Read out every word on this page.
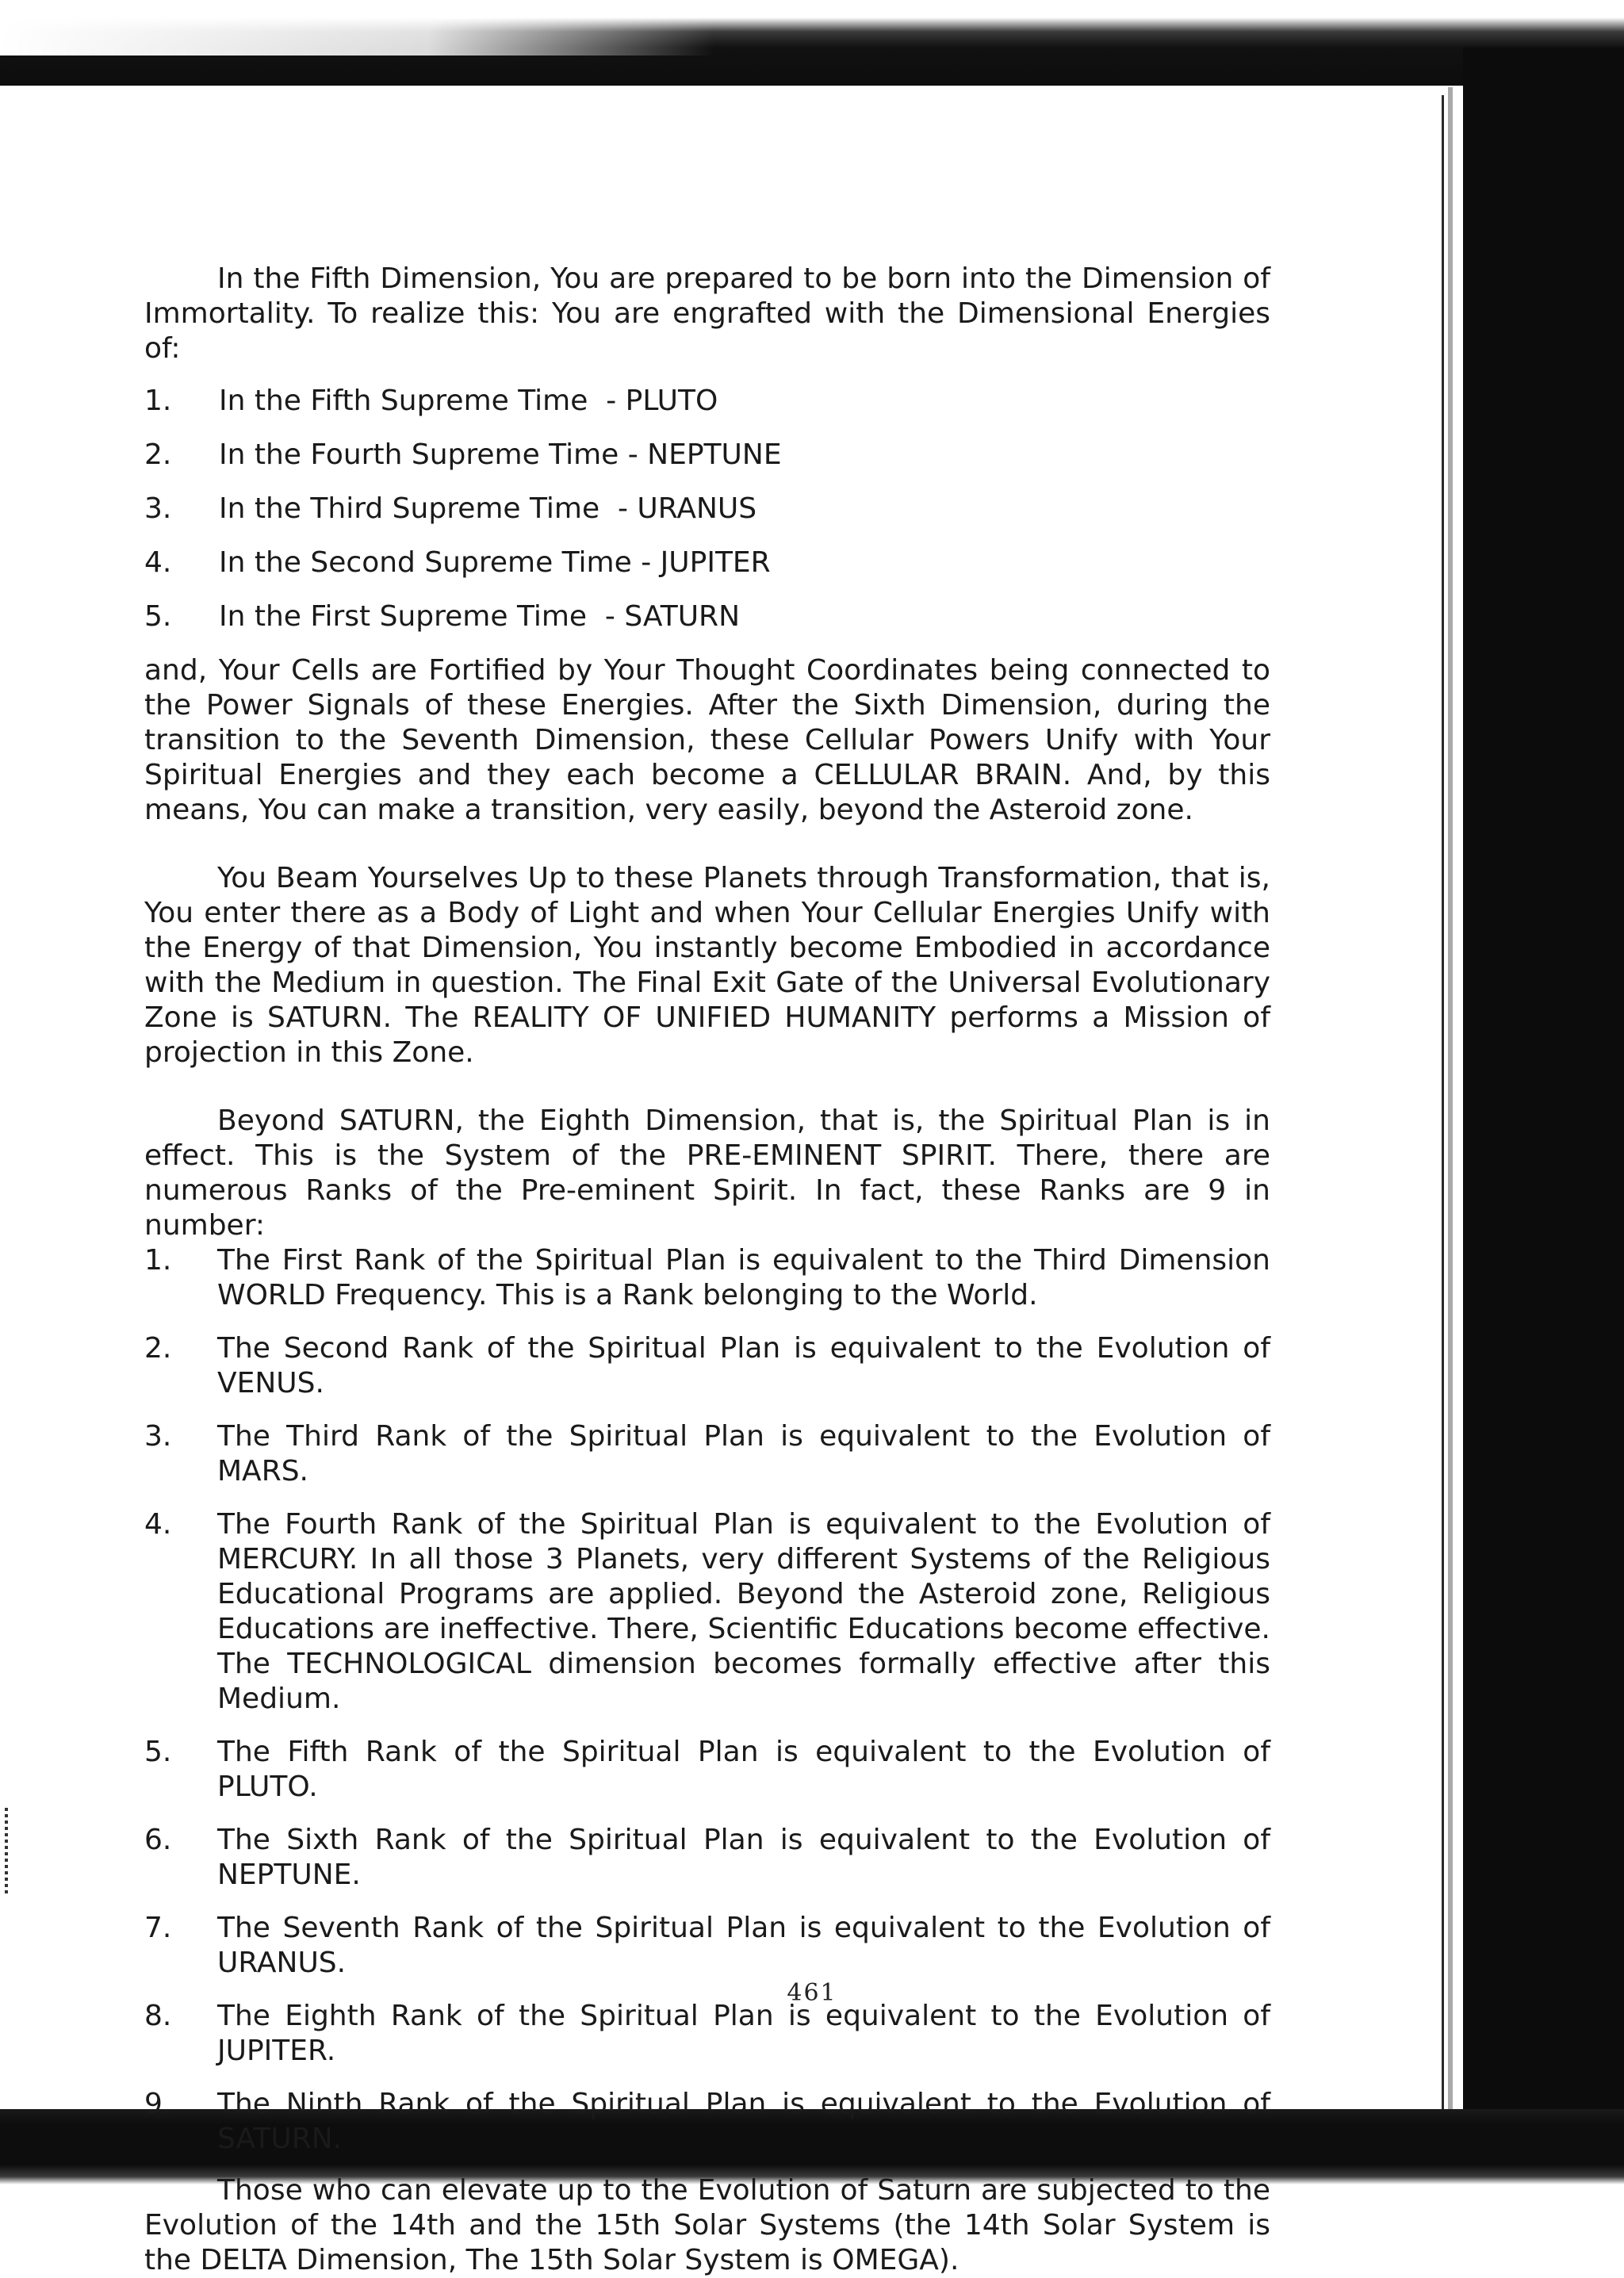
In the Fifth Dimension, You are prepared to be born into the Dimension of Immortality. To realize this: You are engrafted with the Dimensional Energies of:

1.	In the Fifth Supreme Time  - PLUTO
2.	In the Fourth Supreme Time - NEPTUNE
3.	In the Third Supreme Time  - URANUS
4.	In the Second Supreme Time - JUPITER
5.	In the First Supreme Time  - SATURN

and, Your Cells are Fortified by Your Thought Coordinates being connected to the Power Signals of these Energies. After the Sixth Dimension, during the transition to the Seventh Dimension, these Cellular Powers Unify with Your Spiritual Energies and they each become a CELLULAR BRAIN. And, by this means, You can make a transition, very easily, beyond the Asteroid zone.

You Beam Yourselves Up to these Planets through Transformation, that is, You enter there as a Body of Light and when Your Cellular Energies Unify with the Energy of that Dimension, You instantly become Embodied in accordance with the Medium in question. The Final Exit Gate of the Universal Evolutionary Zone is SATURN. The REALITY OF UNIFIED HUMANITY performs a Mission of projection in this Zone.

Beyond SATURN, the Eighth Dimension, that is, the Spiritual Plan is in effect. This is the System of the PRE-EMINENT SPIRIT. There, there are numerous Ranks of the Pre-eminent Spirit. In fact, these Ranks are 9 in number:

1.	The First Rank of the Spiritual Plan is equivalent to the Third Dimension WORLD Frequency. This is a Rank belonging to the World.
2.	The Second Rank of the Spiritual Plan is equivalent to the Evolution of VENUS.
3.	The Third Rank of the Spiritual Plan is equivalent to the Evolution of MARS.
4.	The Fourth Rank of the Spiritual Plan is equivalent to the Evolution of MERCURY. In all those 3 Planets, very different Systems of the Religious Educational Programs are applied. Beyond the Asteroid zone, Religious Educations are ineffective. There, Scientific Educations become effective. The TECHNOLOGICAL dimension becomes formally effective after this Medium.
5.	The Fifth Rank of the Spiritual Plan is equivalent to the Evolution of PLUTO.
6.	The Sixth Rank of the Spiritual Plan is equivalent to the Evolution of NEPTUNE.
7.	The Seventh Rank of the Spiritual Plan is equivalent to the Evolution of URANUS.
8.	The Eighth Rank of the Spiritual Plan is equivalent to the Evolution of JUPITER.
9.	The Ninth Rank of the Spiritual Plan is equivalent to the Evolution of SATURN.

Those who can elevate up to the Evolution of Saturn are subjected to the Evolution of the 14th and the 15th Solar Systems (the 14th Solar System is the DELTA Dimension, The 15th Solar System is OMEGA).

461
